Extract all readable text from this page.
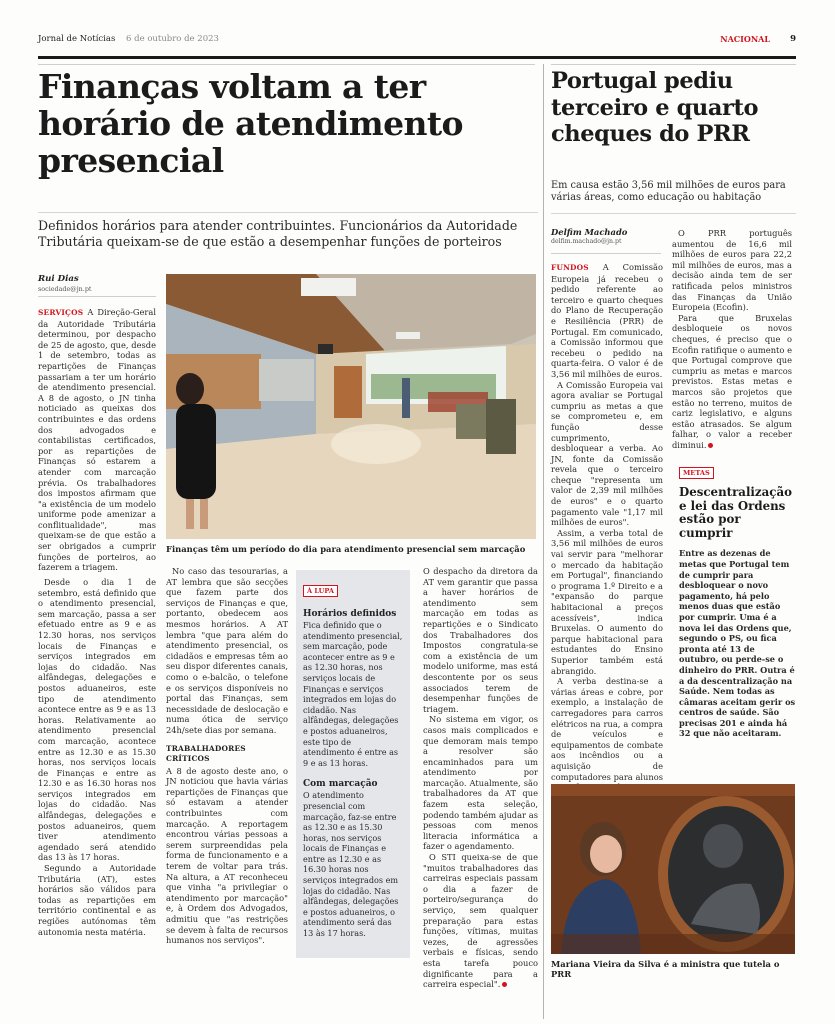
Jornal de Notícias 6 de outubro de 2023	NACIONAL 9
Finanças voltam a ter horário de atendimento presencial

Definidos horários para atender contribuintes. Funcionários da Autoridade Tributária queixam-se de que estão a desempenhar funções de porteiros

Rui Dias
sociedade@jn.pt

SERVIÇOS A Direção-Geral da Autoridade Tributária determinou, por despacho de 25 de agosto, que, desde 1 de setembro, todas as repartições de Finanças passariam a ter um horário de atendimento presencial. A 8 de agosto, o JN tinha noticiado as queixas dos contribuintes e das ordens dos advogados e contabilistas certificados, por as repartições de Finanças só estarem a atender com marcação prévia. Os trabalhadores dos impostos afirmam que "a existência de um modelo uniforme pode amenizar a conflitualidade", mas queixam-se de que estão a ser obrigados a cumprir funções de porteiros, ao fazerem a triagem.

Desde o dia 1 de setembro, está definido que o atendimento presencial, sem marcação, passa a ser efetuado entre as 9 e as 12.30 horas, nos serviços locais de Finanças e serviços integrados em lojas do cidadão. Nas alfândegas, delegações e postos aduaneiros, este tipo de atendimento acontece entre as 9 e as 13 horas. Relativamente ao atendimento presencial com marcação, acontece entre as 12.30 e as 15.30 horas, nos serviços locais de Finanças e entre as 12.30 e as 16.30 horas nos serviços integrados em lojas do cidadão. Nas alfândegas, delegações e postos aduaneiros, quem tiver atendimento agendado será atendido das 13 às 17 horas.

Segundo a Autoridade Tributária (AT), estes horários são válidos para todas as repartições em território continental e as regiões autónomas têm autonomia nesta matéria.

No caso das tesourarias, a AT lembra que são secções que fazem parte dos serviços de Finanças e que, portanto, obedecem aos mesmos horários. A AT lembra "que para além do atendimento presencial, os cidadãos e empresas têm ao seu dispor diferentes canais, como o e-balcão, o telefone e os serviços disponíveis no portal das Finanças, sem necessidade de deslocação e numa ótica de serviço 24h/sete dias por semana.

TRABALHADORES CRÍTICOS

A 8 de agosto deste ano, o JN noticiou que havia várias repartições de Finanças que só estavam a atender contribuintes com marcação. A reportagem encontrou várias pessoas a serem surpreendidas pela forma de funcionamento e a terem de voltar para trás. Na altura, a AT reconheceu que vinha "a privilegiar o atendimento por marcação" e, à Ordem dos Advogados, admitiu que "as restrições se devem à falta de recursos humanos nos serviços".

O despacho da diretora da AT vem garantir que passa a haver horários de atendimento sem marcação em todas as repartições e o Sindicato dos Trabalhadores dos Impostos congratula-se com a existência de um modelo uniforme, mas está descontente por os seus associados terem de desempenhar funções de triagem.

No sistema em vigor, os casos mais complicados e que demoram mais tempo a resolver são encaminhados para um atendimento por marcação. Atualmente, são trabalhadores da AT que fazem esta seleção, podendo também ajudar as pessoas com menos literacia informática a fazer o agendamento.

O STI queixa-se de que "muitos trabalhadores das carreiras especiais passam o dia a fazer de porteiro/segurança do serviço, sem qualquer preparação para estas funções, vítimas, muitas vezes, de agressões verbais e físicas, sendo esta tarefa pouco dignificante para a carreira especial".

Finanças têm um período do dia para atendimento presencial sem marcação

À LUPA
Horários definidos

Fica definido que o atendimento presencial, sem marcação, pode acontecer entre as 9 e as 12.30 horas, nos serviços locais de Finanças e serviços integrados em lojas do cidadão. Nas alfândegas, delegações e postos aduaneiros, este tipo de atendimento é entre as 9 e as 13 horas.

Com marcação

O atendimento presencial com marcação, faz-se entre as 12.30 e as 15.30 horas, nos serviços locais de Finanças e entre as 12.30 e as 16.30 horas nos serviços integrados em lojas do cidadão. Nas alfândegas, delegações e postos aduaneiros, o atendimento será das 13 às 17 horas.

Portugal pediu terceiro e quarto cheques do PRR

Em causa estão 3,56 mil milhões de euros para várias áreas, como educação ou habitação

Delfim Machado
delfim.machado@jn.pt

FUNDOS A Comissão Europeia já recebeu o pedido referente ao terceiro e quarto cheques do Plano de Recuperação e Resiliência (PRR) de Portugal. Em comunicado, a Comissão informou que recebeu o pedido na quarta-feira. O valor é de 3,56 mil milhões de euros.

A Comissão Europeia vai agora avaliar se Portugal cumpriu as metas a que se comprometeu e, em função desse cumprimento, desbloquear a verba. Ao JN, fonte da Comissão revela que o terceiro cheque "representa um valor de 2,39 mil milhões de euros" e o quarto pagamento vale "1,17 mil milhões de euros".

Assim, a verba total de 3,56 mil milhões de euros vai servir para "melhorar o mercado da habitação em Portugal", financiando o programa 1.º Direito e a "expansão do parque habitacional a preços acessíveis", indica Bruxelas. O aumento do parque habitacional para estudantes do Ensino Superior também está abrangido.

A verba destina-se a várias áreas e cobre, por exemplo, a instalação de carregadores para carros elétricos na rua, a compra de veículos e equipamentos de combate aos incêndios ou a aquisição de computadores para alunos

O PRR português aumentou de 16,6 mil milhões de euros para 22,2 mil milhões de euros, mas a decisão ainda tem de ser ratificada pelos ministros das Finanças da União Europeia (Ecofin).

Para que Bruxelas desbloqueie os novos cheques, é preciso que o Ecofin ratifique o aumento e que Portugal comprove que cumpriu as metas e marcos previstos. Estas metas e marcos são projetos que estão no terreno, muitos de cariz legislativo, e alguns estão atrasados. Se algum falhar, o valor a receber diminui.

METAS
Descentralização e lei das Ordens estão por cumprir

Entre as dezenas de metas que Portugal tem de cumprir para desbloquear o novo pagamento, há pelo menos duas que estão por cumprir. Uma é a nova lei das Ordens que, segundo o PS, ou fica pronta até 13 de outubro, ou perde-se o dinheiro do PRR. Outra é a da descentralização na Saúde. Nem todas as câmaras aceitam gerir os centros de saúde. São precisas 201 e ainda há 32 que não aceitaram.

Mariana Vieira da Silva é a ministra que tutela o PRR
